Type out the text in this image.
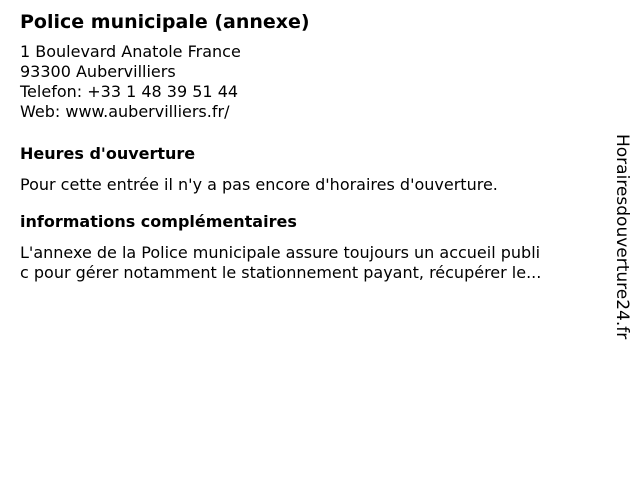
Police municipale (annexe)
1 Boulevard Anatole France
93300 Aubervilliers
Telefon: +33 1 48 39 51 44
Web: www.aubervilliers.fr/
Heures d'ouverture
Pour cette entrée il n'y a pas encore d'horaires d'ouverture.
informations complémentaires
L'annexe de la Police municipale assure toujours un accueil publi
c pour gérer notamment le stationnement payant, récupérer le...	Horairesdouverture24.fr
